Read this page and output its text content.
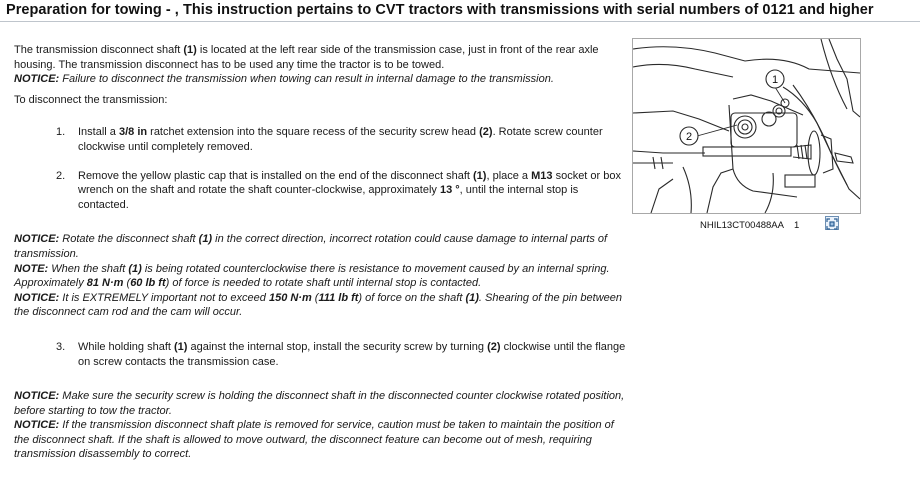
Preparation for towing - , This instruction pertains to CVT tractors with transmissions with serial numbers of 0121 and higher

The transmission disconnect shaft (1) is located at the left rear side of the transmission case, just in front of the rear axle housing. The transmission disconnect has to be used any time the tractor is to be towed.
NOTICE: Failure to disconnect the transmission when towing can result in internal damage to the transmission.

To disconnect the transmission:

1. Install a 3/8 in ratchet extension into the square recess of the security screw head (2). Rotate screw counter clockwise until completely removed.
2. Remove the yellow plastic cap that is installed on the end of the disconnect shaft (1), place a M13 socket or box wrench on the shaft and rotate the shaft counter-clockwise, approximately 13 °, until the internal stop is contacted.

NOTICE: Rotate the disconnect shaft (1) in the correct direction, incorrect rotation could cause damage to internal parts of transmission.
NOTE: When the shaft (1) is being rotated counterclockwise there is resistance to movement caused by an internal spring. Approximately 81 N·m (60 lb ft) of force is needed to rotate shaft until internal stop is contacted.
NOTICE: It is EXTREMELY important not to exceed 150 N·m (111 lb ft) of force on the shaft (1). Shearing of the pin between the disconnect cam rod and the cam will occur.

3. While holding shaft (1) against the internal stop, install the security screw by turning (2) clockwise until the flange on screw contacts the transmission case.

NOTICE: Make sure the security screw is holding the disconnect shaft in the disconnected counter clockwise rotated position, before starting to tow the tractor.
NOTICE: If the transmission disconnect shaft plate is removed for service, caution must be taken to maintain the position of the disconnect shaft. If the shaft is allowed to move outward, the disconnect feature can become out of mesh, requiring transmission disassembly to correct.

1
2
NHIL13CT00488AA 1
